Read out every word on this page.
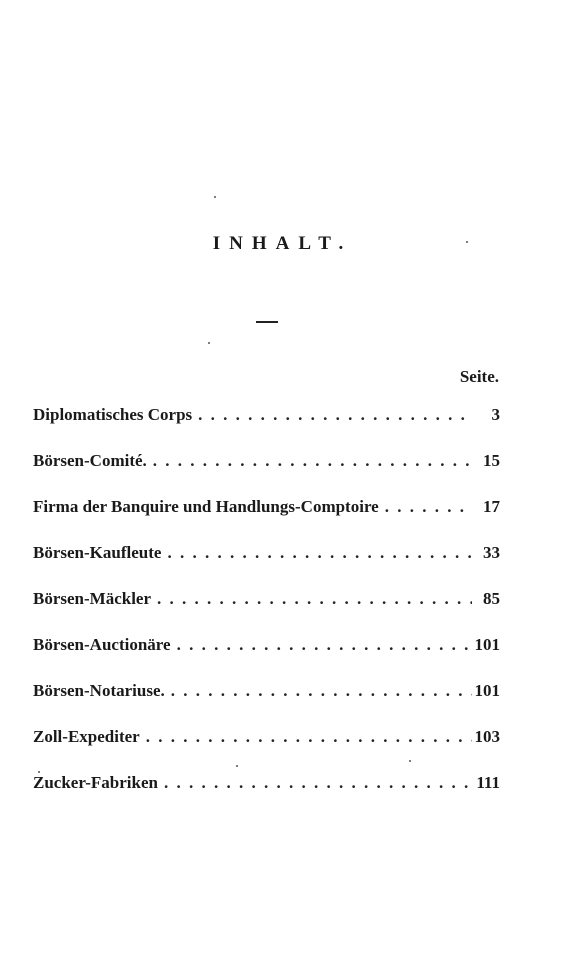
INHALT.
Seite.
Diplomatisches Corps . . .	3
Börsen-Comité. . . .	15
Firma der Banquire und Handlungs-Comptoire . . .	17
Börsen-Kaufleute . . .	33
Börsen-Mäckler . . .	85
Börsen-Auctionäre . . .	101
Börsen-Notariuse. . . .	101
Zoll-Expediter . . .	103
Zucker-Fabriken . . .	111
